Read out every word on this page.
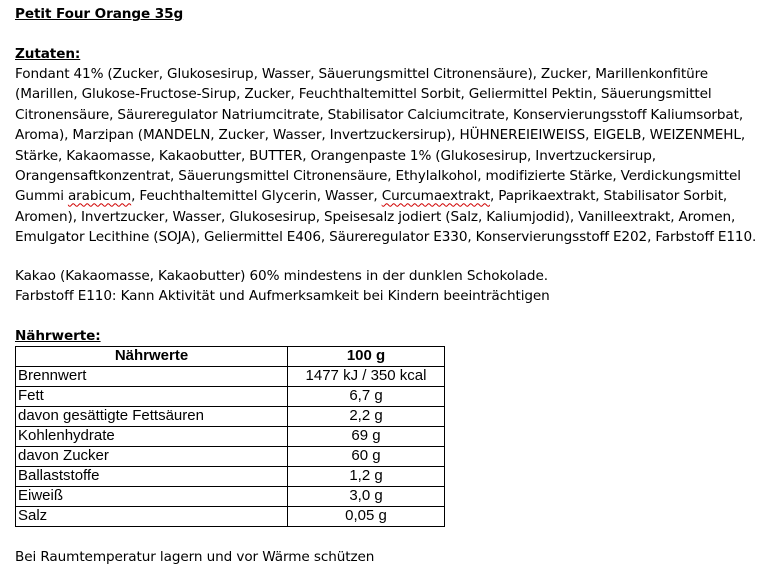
Petit Four Orange 35g

Zutaten:

Fondant 41% (Zucker, Glukosesirup, Wasser, Säuerungsmittel Citronensäure), Zucker, Marillenkonfitüre
(Marillen, Glukose-Fructose-Sirup, Zucker, Feuchthaltemittel Sorbit, Geliermittel Pektin, Säuerungsmittel
Citronensäure, Säureregulator Natriumcitrate, Stabilisator Calciumcitrate, Konservierungsstoff Kaliumsorbat,
Aroma), Marzipan (MANDELN, Zucker, Wasser, Invertzuckersirup), HÜHNEREIEIWEISS, EIGELB, WEIZENMEHL,
Stärke, Kakaomasse, Kakaobutter, BUTTER, Orangenpaste 1% (Glukosesirup, Invertzuckersirup,
Orangensaftkonzentrat, Säuerungsmittel Citronensäure, Ethylalkohol, modifizierte Stärke, Verdickungsmittel
Gummi arabicum, Feuchthaltemittel Glycerin, Wasser, Curcumaextrakt, Paprikaextrakt, Stabilisator Sorbit,
Aromen), Invertzucker, Wasser, Glukosesirup, Speisesalz jodiert (Salz, Kaliumjodid), Vanilleextrakt, Aromen,
Emulgator Lecithine (SOJA), Geliermittel E406, Säureregulator E330, Konservierungsstoff E202, Farbstoff E110.

Kakao (Kakaomasse, Kakaobutter) 60% mindestens in der dunklen Schokolade.

Farbstoff E110: Kann Aktivität und Aufmerksamkeit bei Kindern beeinträchtigen

Nährwerte:

Nährwerte	100 g
Brennwert	1477 kJ / 350 kcal
Fett	6,7 g
davon gesättigte Fettsäuren	2,2 g
Kohlenhydrate	69 g
davon Zucker	60 g
Ballaststoffe	1,2 g
Eiweiß	3,0 g
Salz	0,05 g

Bei Raumtemperatur lagern und vor Wärme schützen
